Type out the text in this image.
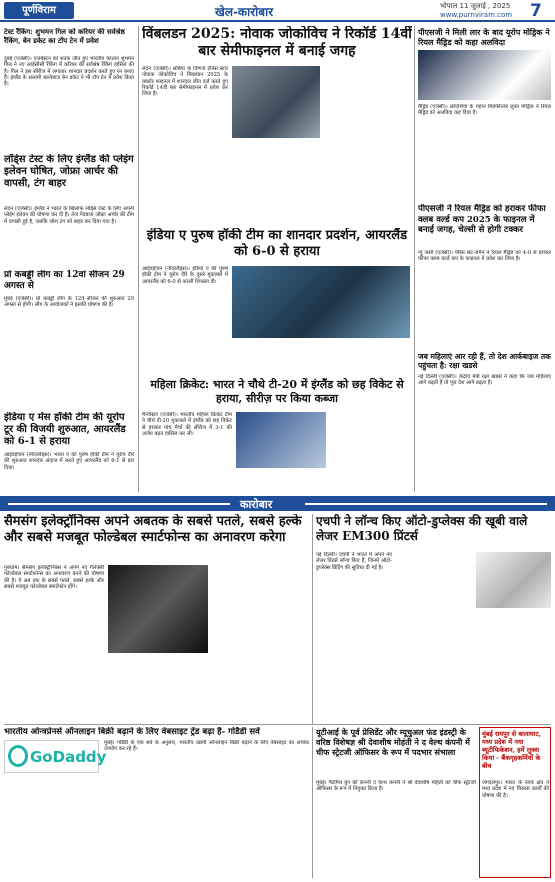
पूर्णविराम	खेल-कारोबार	भोपाल 11 जुलाई , 2025
www.purnviram.com 7
टेस्ट रैंकिंग: शुभमन गिल को करियर की सर्वश्रेष्ठ रैंकिंग, बेन डकेट का टॉप टेन में प्रवेश
दुबई (एजेंसी)। एजबेस्टन को शतक जीत हुए भारतीय कप्तान शुभमन गिल ने नए आईसीसी रैंकिंग में करियर की सर्वश्रेष्ठ रैंकिंग हासिल की है। गिल ने इस सीरीज में लगातार शानदार प्रदर्शन करते हुए रन बनाए हैं। इंग्लैंड के सलामी बल्लेबाज बेन डकेट ने भी टॉप टेन में प्रवेश किया है।
लॉर्ड्स टेस्ट के लिए इंग्लैंड की प्लेइंग इलेवन घोषित, जोफ्रा आर्चर की वापसी, टंग बाहर
लंदन (एजेंसी)। इंग्लैंड ने भारत के खिलाफ लॉर्ड्स टेस्ट के लिए अपनी प्लेइंग इलेवन की घोषणा कर दी है। तेज गेंदबाज जोफ्रा आर्चर की टीम में वापसी हुई है, जबकि जोश टंग को बाहर कर दिया गया है।
प्रो कबड्डी लीग का 12वां सीजन 29 अगस्त से
मुंबई (एजेंसी)। प्रो कबड्डी लीग के 12वें सीजन की शुरुआत 29 अगस्त से होगी। लीग के आयोजकों ने इसकी घोषणा की है।
इंडिया ए मेंस हॉकी टीम की यूरोप टूर की विजयी शुरुआत, आयरलैंड को 6-1 से हराया
आइंडहोवन (नीदरलैंड्स)। भारत ए की पुरुष हॉकी टीम ने यूरोप दौरे की शुरुआत शानदार अंदाज में करते हुए आयरलैंड को 6-1 से हरा दिया।
विंबलडन 2025: नोवाक जोकोविच ने रिकॉर्ड 14वीं बार सेमीफाइनल में बनाई जगह
लंदन (एजेंसी)। सर्बिया के दिग्गज टेनिस स्टार नोवाक जोकोविच ने विंबलडन 2025 के क्वार्टर फाइनल में शानदार जीत दर्ज करते हुए रिकॉर्ड 14वीं बार सेमीफाइनल में प्रवेश कर लिया है।
इंडिया ए पुरुष हॉकी टीम का शानदार प्रदर्शन, आयरलैंड को 6-0 से हराया
आइंडहोवन (नीदरलैंड्स)। इंडिया ए की पुरुष हॉकी टीम ने यूरोप दौरे के दूसरे मुकाबले में आयरलैंड को 6-0 से करारी शिकस्त दी।
महिला क्रिकेट: भारत ने चौथे टी-20 में इंग्लैंड को छह विकेट से हराया, सीरीज़ पर किया कब्जा
मैनचेस्टर (एजेंसी)। भारतीय महिला क्रिकेट टीम ने चौथे टी-20 मुकाबले में इंग्लैंड को छह विकेट से हराकर पांच मैचों की सीरीज में 3-1 की अजेय बढ़त हासिल कर ली।
पीएसजी ने मिली लार के बाद यूरोप मोड्रिक ने रियल मैड्रिड को कहा अलविदा
मैड्रिड (एजेंसी)। क्रोएशिया के महान मिडफील्डर लुका मोड्रिक ने रियल मैड्रिड को अलविदा कह दिया है।
पीएसजी ने रियल मैड्रिड को हराकर फीफा क्लब वर्ल्ड कप 2025 के फाइनल में बनाई जगह, चेल्सी से होगी टक्कर
न्यू जर्सी (एजेंसी)। पेरिस सेंट-जर्मेन ने रियल मैड्रिड को 4-0 से हराकर फीफा क्लब वर्ल्ड कप के फाइनल में प्रवेश कर लिया है।
जब महिलाएं आर रही हैं, तो देश आर्कबाइज तक पहुंचता है: रक्षा खडसे
नई दिल्ली (एजेंसी)। केंद्रीय मंत्री रक्षा खडसे ने कहा कि जब महिलाएं आगे बढ़ती हैं तो पूरा देश आगे बढ़ता है।
कारोबार
सैमसंग इलेक्ट्रॉनिक्स अपने अबतक के सबसे पतले, सबसे हल्के और सबसे मजबूत फोल्डेबल स्मार्टफोन्स का अनावरण करेगा
गुरुग्राम। सैमसंग इलेक्ट्रॉनिक्स ने अपने नए गैलेक्सी फोल्डेबल स्मार्टफोन्स का अनावरण करने की घोषणा की है। ये अब तक के सबसे पतले, सबसे हल्के और सबसे मजबूत फोल्डेबल स्मार्टफोन होंगे।
एचपी ने लॉन्च किए ऑटो-डुप्लेक्स की खूबी वाले लेजर EM300 प्रिंटर्स
नई दिल्ली। एचपी ने भारत में अपने नए लेजर प्रिंटर्स लॉन्च किए हैं, जिनमें ऑटो-डुप्लेक्स प्रिंटिंग की सुविधा दी गई है।
भारतीय ओन्त्रप्रेनर्स ऑनलाइन बिक्री बढ़ाने के लिए वेबसाइट ट्रेंड बढ़ा है- गोडैडी सर्वे
GoDaddy
मुंबई। गोडैडी के एक सर्वे के अनुसार, भारतीय उद्यमी ऑनलाइन बिक्री बढ़ाने के लिए वेबसाइट का अधिक उपयोग कर रहे हैं।
यूटीआई के पूर्व प्रेसिडेंट और म्यूचुअल फंड इंडस्ट्री के वरिष्ठ विशेषज्ञ श्री देवाशीष मोहंती ने द वेल्थ कंपनी में चीफ स्ट्रेटजी ऑफिसर के रूप में पदभार संभाला
मुंबई। पैंटोमैथ ग्रुप की कंपनी द वेल्थ कंपनी ने श्री देवाशीष मोहंती को चीफ स्ट्रेटजी ऑफिसर के रूप में नियुक्त किया है।
मुंबई रायपुर से बालाघाट, मध्य प्रदेश में नया ब्यूटीफिकेशन, हमें लुक्स किया - बैंकगृहकर्मियों के बीच
जगदलपुर। भारत के रेलवे क्षेत्र ने मध्य प्रदेश में नए विकास कार्यों की घोषणा की है।
